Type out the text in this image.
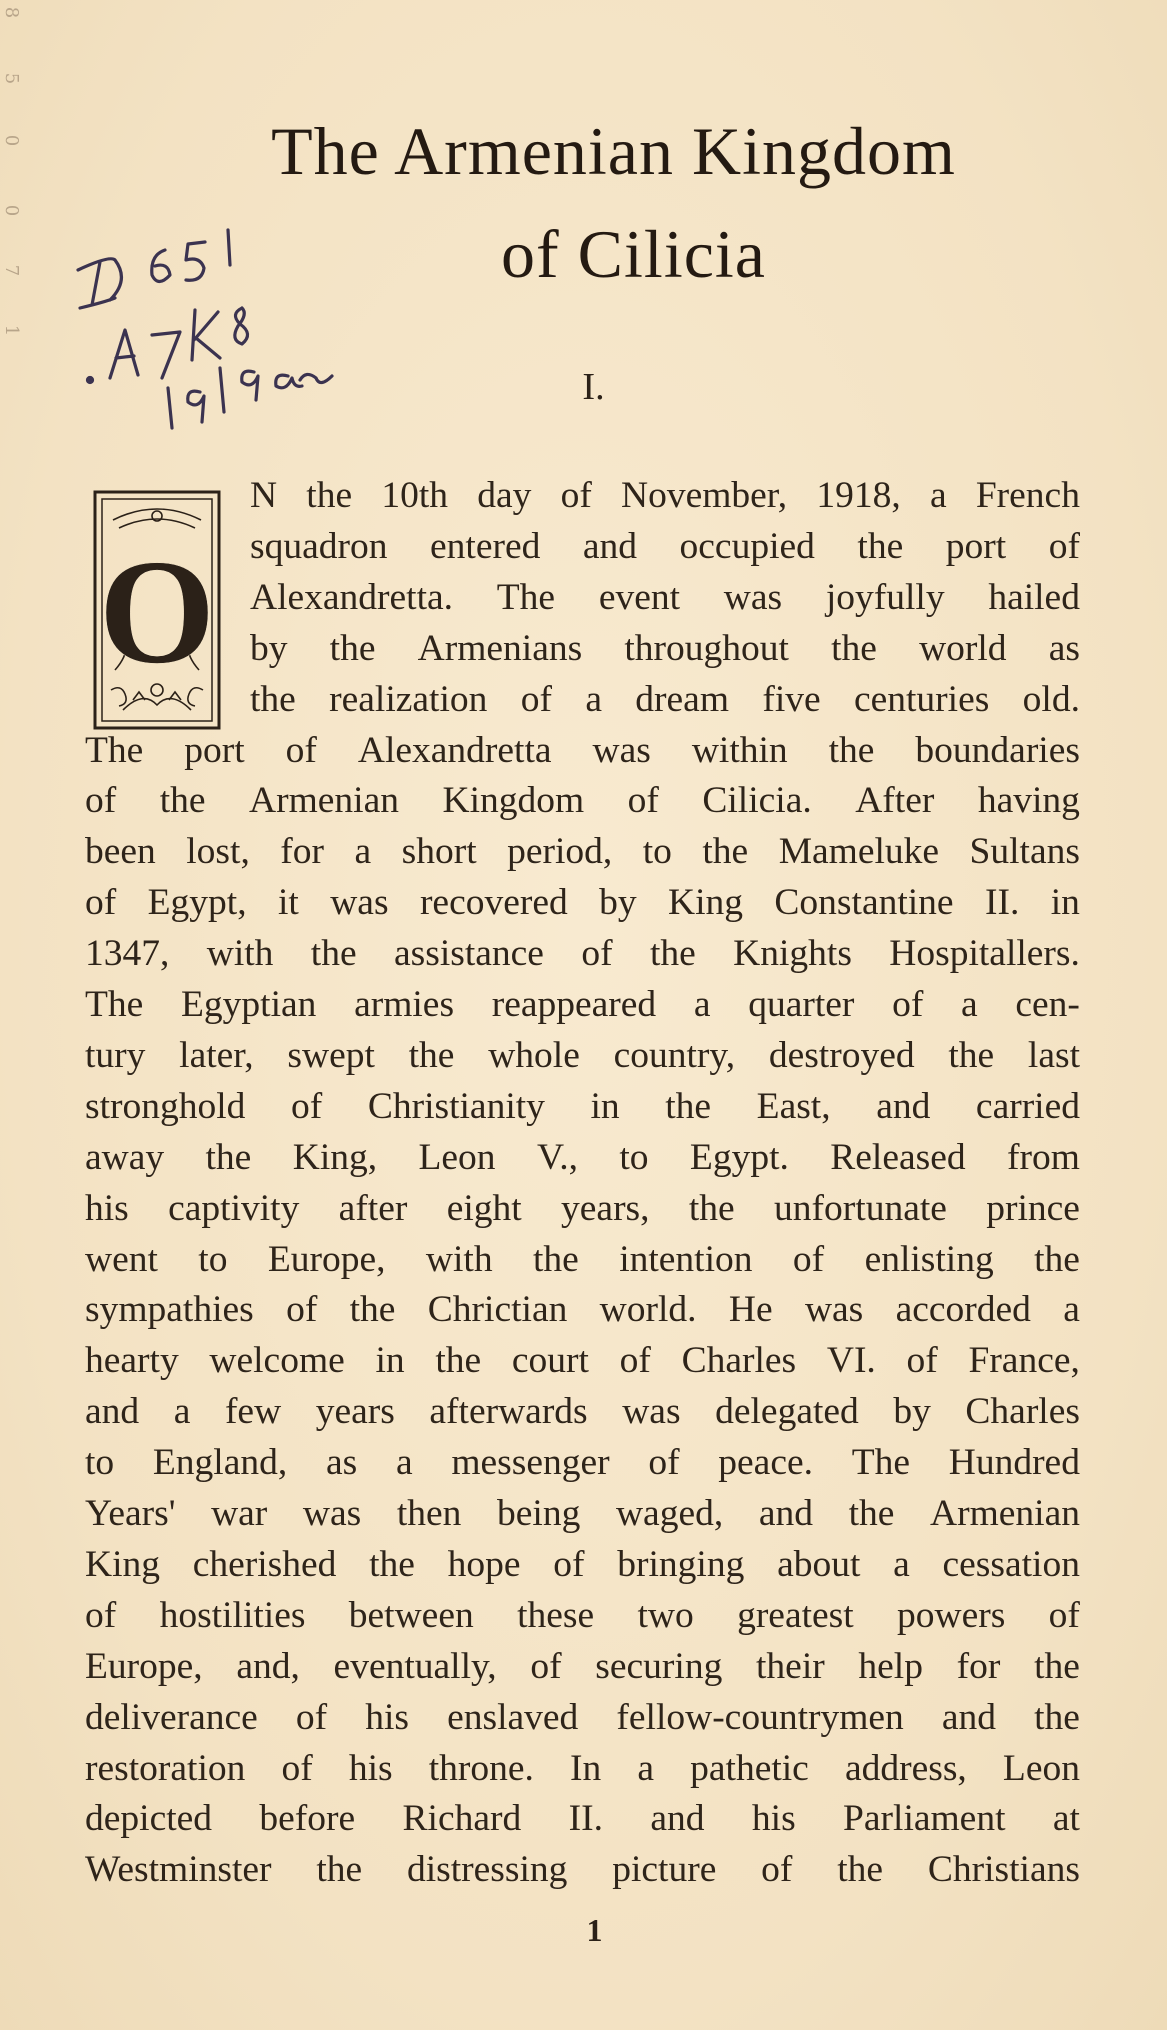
8
5
0
0
7
1
The Armenian Kingdom
of Cilicia
I.
O
N the 10th day of November, 1918, a French
squadron entered and occupied the port of
Alexandretta. The event was joyfully hailed
by the Armenians throughout the world as
the realization of a dream five centuries old.
The port of Alexandretta was within the boundaries
of the Armenian Kingdom of Cilicia. After having
been lost, for a short period, to the Mameluke Sultans
of Egypt, it was recovered by King Constantine II. in
1347, with the assistance of the Knights Hospitallers.
The Egyptian armies reappeared a quarter of a cen-
tury later, swept the whole country, destroyed the last
stronghold of Christianity in the East, and carried
away the King, Leon V., to Egypt. Released from
his captivity after eight years, the unfortunate prince
went to Europe, with the intention of enlisting the
sympathies of the Chrictian world. He was accorded a
hearty welcome in the court of Charles VI. of France,
and a few years afterwards was delegated by Charles
to England, as a messenger of peace. The Hundred
Years' war was then being waged, and the Armenian
King cherished the hope of bringing about a cessation
of hostilities between these two greatest powers of
Europe, and, eventually, of securing their help for the
deliverance of his enslaved fellow-countrymen and the
restoration of his throne. In a pathetic address, Leon
depicted before Richard II. and his Parliament at
Westminster the distressing picture of the Christians
1
